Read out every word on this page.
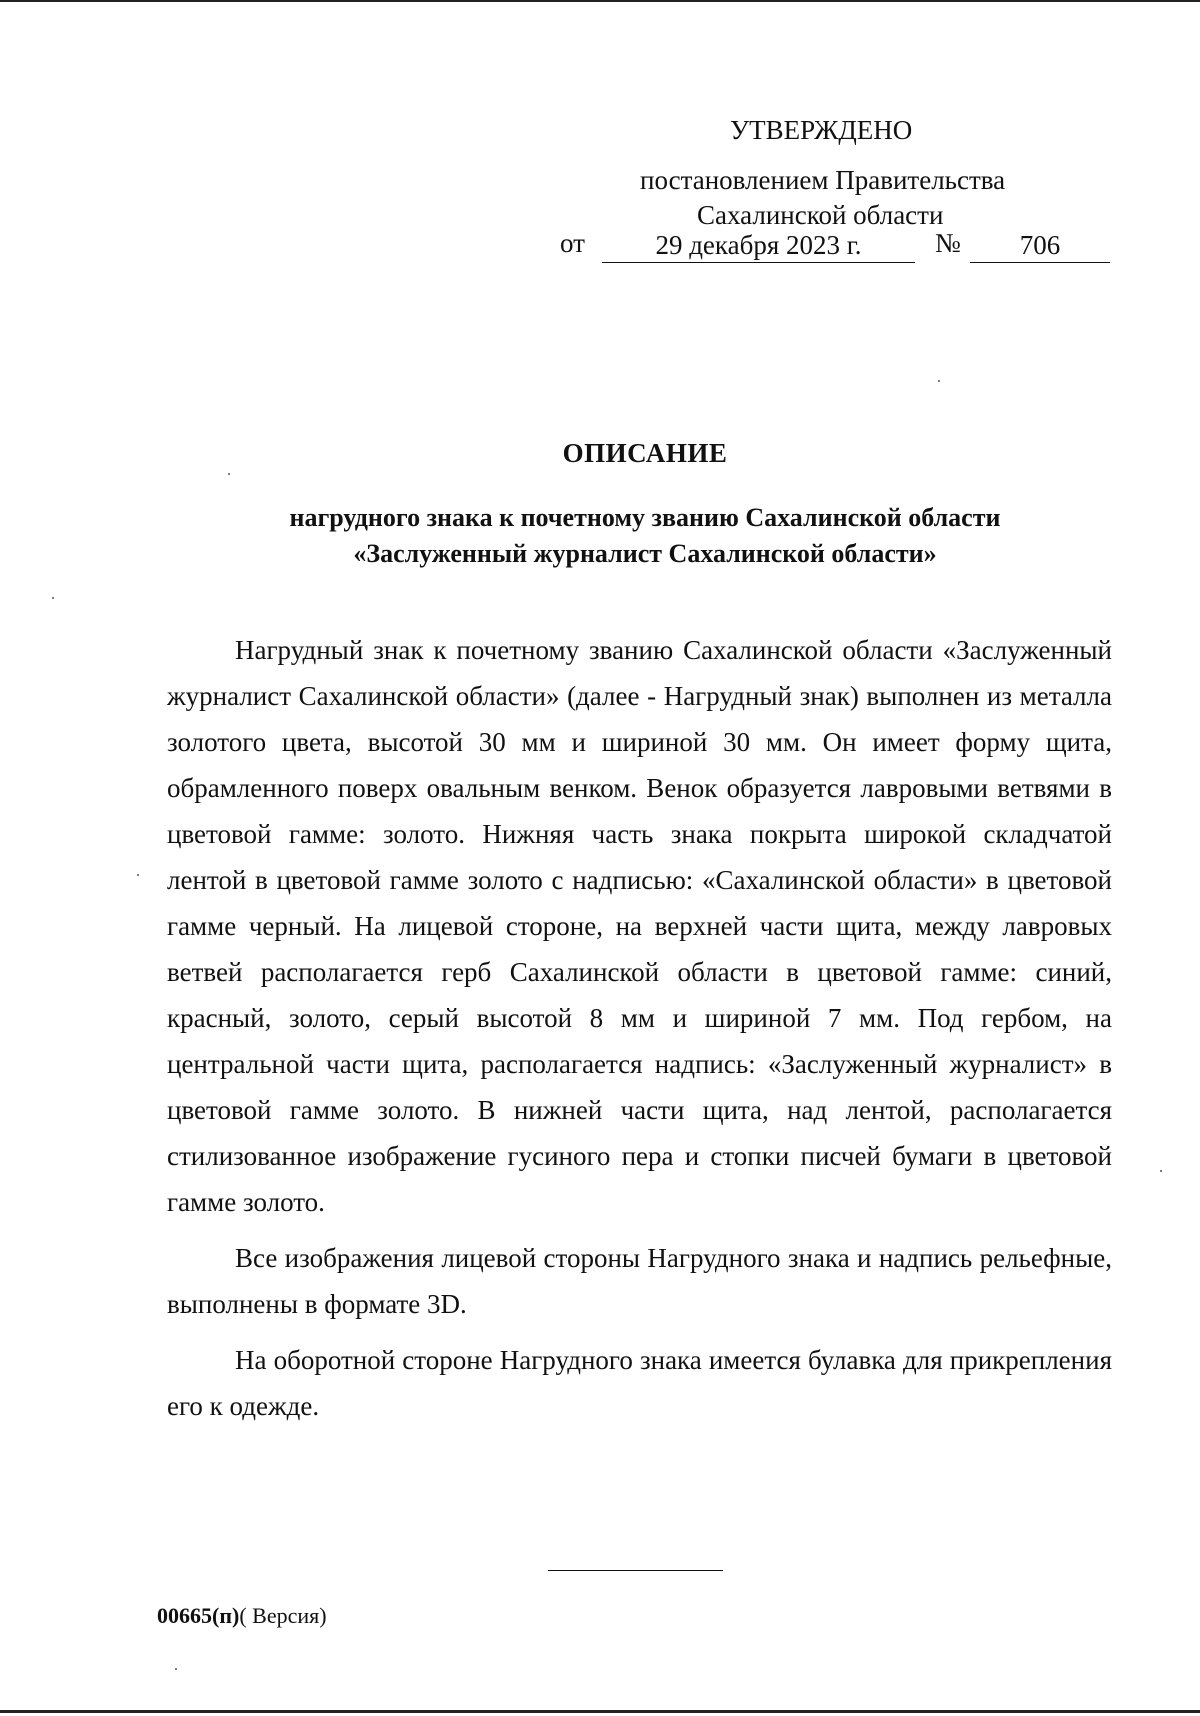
УТВЕРЖДЕНО
постановлением Правительства
Сахалинской области
от	29 декабря 2023 г.	№	706
ОПИСАНИЕ
нагрудного знака к почетному званию Сахалинской области
«Заслуженный журналист Сахалинской области»

Нагрудный знак к почетному званию Сахалинской области «Заслуженный журналист Сахалинской области» (далее - Нагрудный знак) выполнен из металла золотого цвета, высотой 30 мм и шириной 30 мм. Он имеет форму щита, обрамленного поверх овальным венком. Венок образуется лавровыми ветвями в цветовой гамме: золото. Нижняя часть знака покрыта широкой складчатой лентой в цветовой гамме золото с надписью: «Сахалинской области» в цветовой гамме черный. На лицевой стороне, на верхней части щита, между лавровых ветвей располагается герб Сахалинской области в цветовой гамме: синий, красный, золото, серый высотой 8 мм и шириной 7 мм. Под гербом, на центральной части щита, располагается надпись: «Заслуженный журналист» в цветовой гамме золото. В нижней части щита, над лентой, располагается стилизованное изображение гусиного пера и стопки писчей бумаги в цветовой гамме золото.

Все изображения лицевой стороны Нагрудного знака и надпись рельефные, выполнены в формате 3D.

На оборотной стороне Нагрудного знака имеется булавка для прикрепления его к одежде.

00665(п)( Версия)
